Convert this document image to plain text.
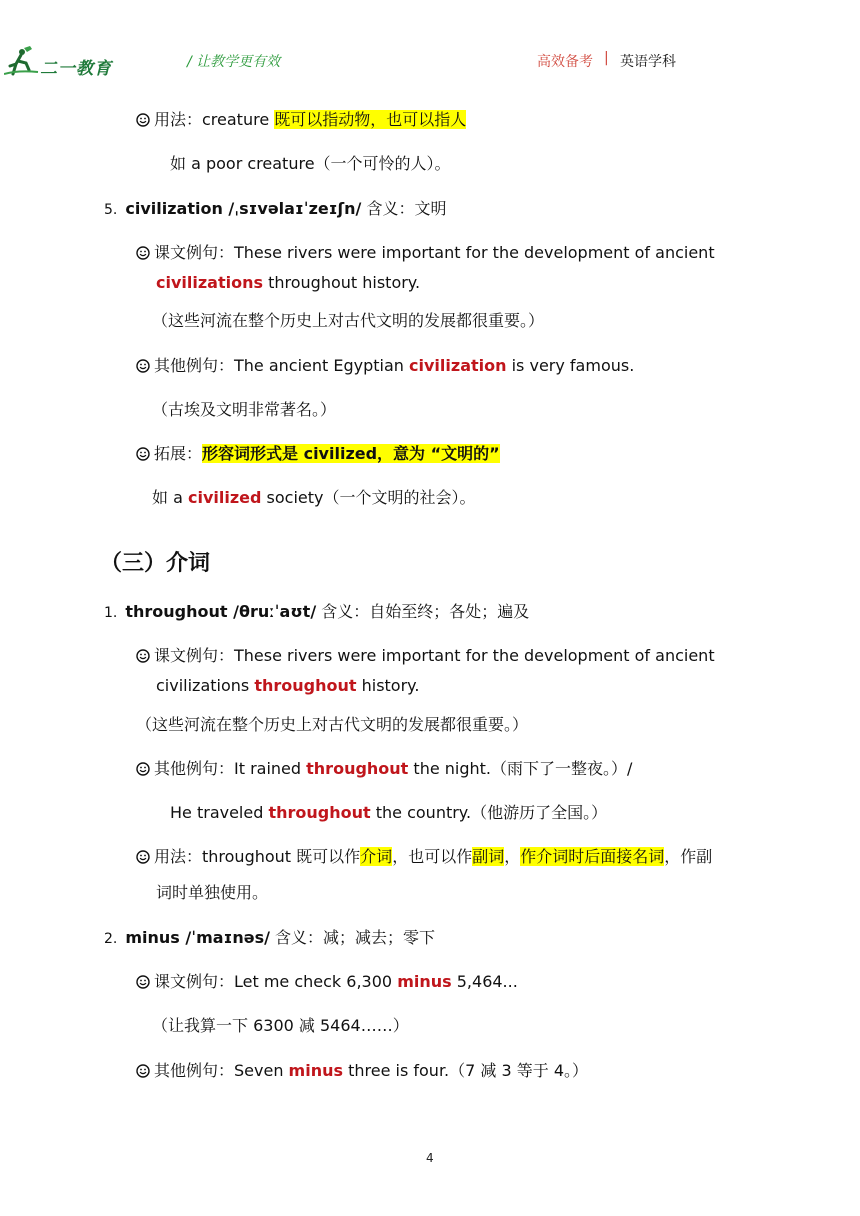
二一教育	/ 让教学更有效	高效备考 | 英语学科
用法：creature 既可以指动物，也可以指人
如 a poor creature（一个可怜的人）。
5. civilization /ˌsɪvəlaɪˈzeɪʃn/ 含义：文明
课文例句：These rivers were important for the development of ancient
civilizations throughout history.
（这些河流在整个历史上对古代文明的发展都很重要。）
其他例句：The ancient Egyptian civilization is very famous.
（古埃及文明非常著名。）
拓展：形容词形式是 civilized，意为 “文明的”
如 a civilized society（一个文明的社会）。
（三）介词
1. throughout /θruːˈaʊt/ 含义：自始至终；各处；遍及
课文例句：These rivers were important for the development of ancient
civilizations throughout history.
（这些河流在整个历史上对古代文明的发展都很重要。）
其他例句：It rained throughout the night.（雨下了一整夜。）/
He traveled throughout the country.（他游历了全国。）
用法：throughout 既可以作介词，也可以作副词，作介词时后面接名词，作副
词时单独使用。
2. minus /ˈmaɪnəs/ 含义：减；减去；零下
课文例句：Let me check 6,300 minus 5,464...
（让我算一下 6300 减 5464……）
其他例句：Seven minus three is four.（7 减 3 等于 4。）
4
